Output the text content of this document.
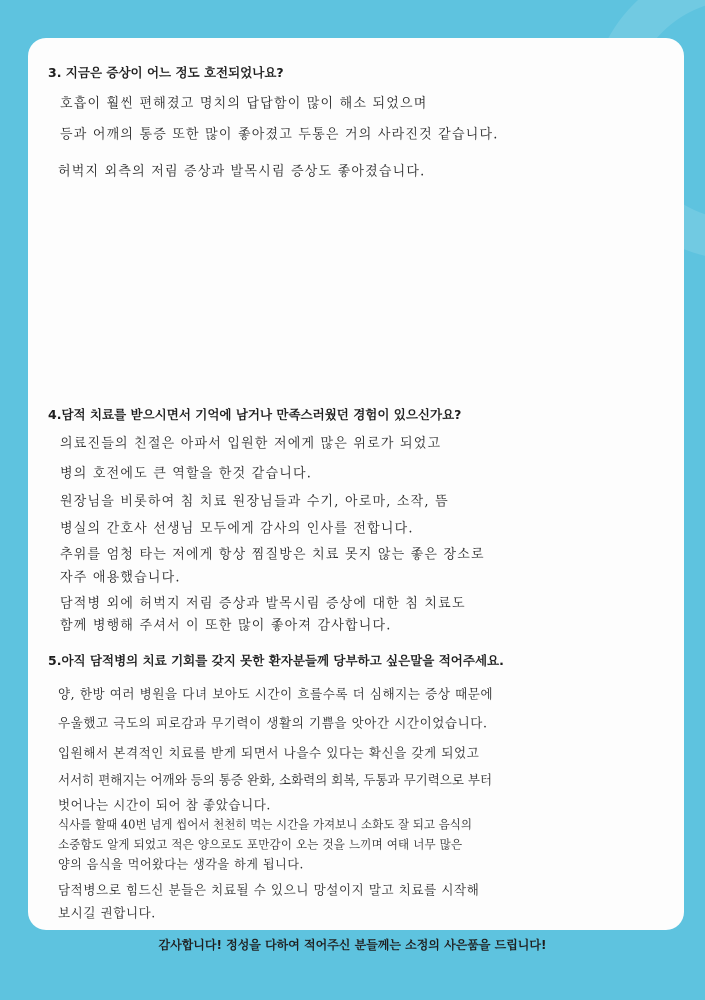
3. 지금은 증상이 어느 정도 호전되었나요?
호흡이 훨씬 편해졌고 명치의 답답함이 많이 해소 되었으며
등과 어깨의 통증 또한 많이 좋아졌고 두통은 거의 사라진것 같습니다.
허벅지 외측의 저림 증상과 발목시림 증상도 좋아졌습니다.
4.담적 치료를 받으시면서 기억에 남거나 만족스러웠던 경험이 있으신가요?
의료진들의 친절은 아파서 입원한 저에게 많은 위로가 되었고
병의 호전에도 큰 역할을 한것 같습니다.
원장님을 비롯하여 침 치료 원장님들과 수기, 아로마, 소작, 뜸
병실의 간호사 선생님 모두에게 감사의 인사를 전합니다.
추위를 엄청 타는 저에게 항상 찜질방은 치료 못지 않는 좋은 장소로
자주 애용했습니다.
담적병 외에 허벅지 저림 증상과 발목시림 증상에 대한 침 치료도
함께 병행해 주셔서 이 또한 많이 좋아져 감사합니다.
5.아직 담적병의 치료 기회를 갖지 못한 환자분들께 당부하고 싶은말을 적어주세요.
양, 한방 여러 병원을 다녀 보아도 시간이 흐를수록 더 심해지는 증상 때문에
우울했고 극도의 피로감과 무기력이 생활의 기쁨을 앗아간 시간이었습니다.
입원해서 본격적인 치료를 받게 되면서 나을수 있다는 확신을 갖게 되었고
서서히 편해지는 어깨와 등의 통증 완화, 소화력의 회복, 두통과 무기력으로 부터
벗어나는 시간이 되어 참 좋았습니다.
식사를 할때 40번 넘게 씹어서 천천히 먹는 시간을 가져보니 소화도 잘 되고 음식의
소중함도 알게 되었고 적은 양으로도 포만감이 오는 것을 느끼며 여태 너무 많은
양의 음식을 먹어왔다는 생각을 하게 됩니다.
담적병으로 힘드신 분들은 치료될 수 있으니 망설이지 말고 치료를 시작해
보시길 권합니다.
감사합니다! 정성을 다하여 적어주신 분들께는 소정의 사은품을 드립니다!
